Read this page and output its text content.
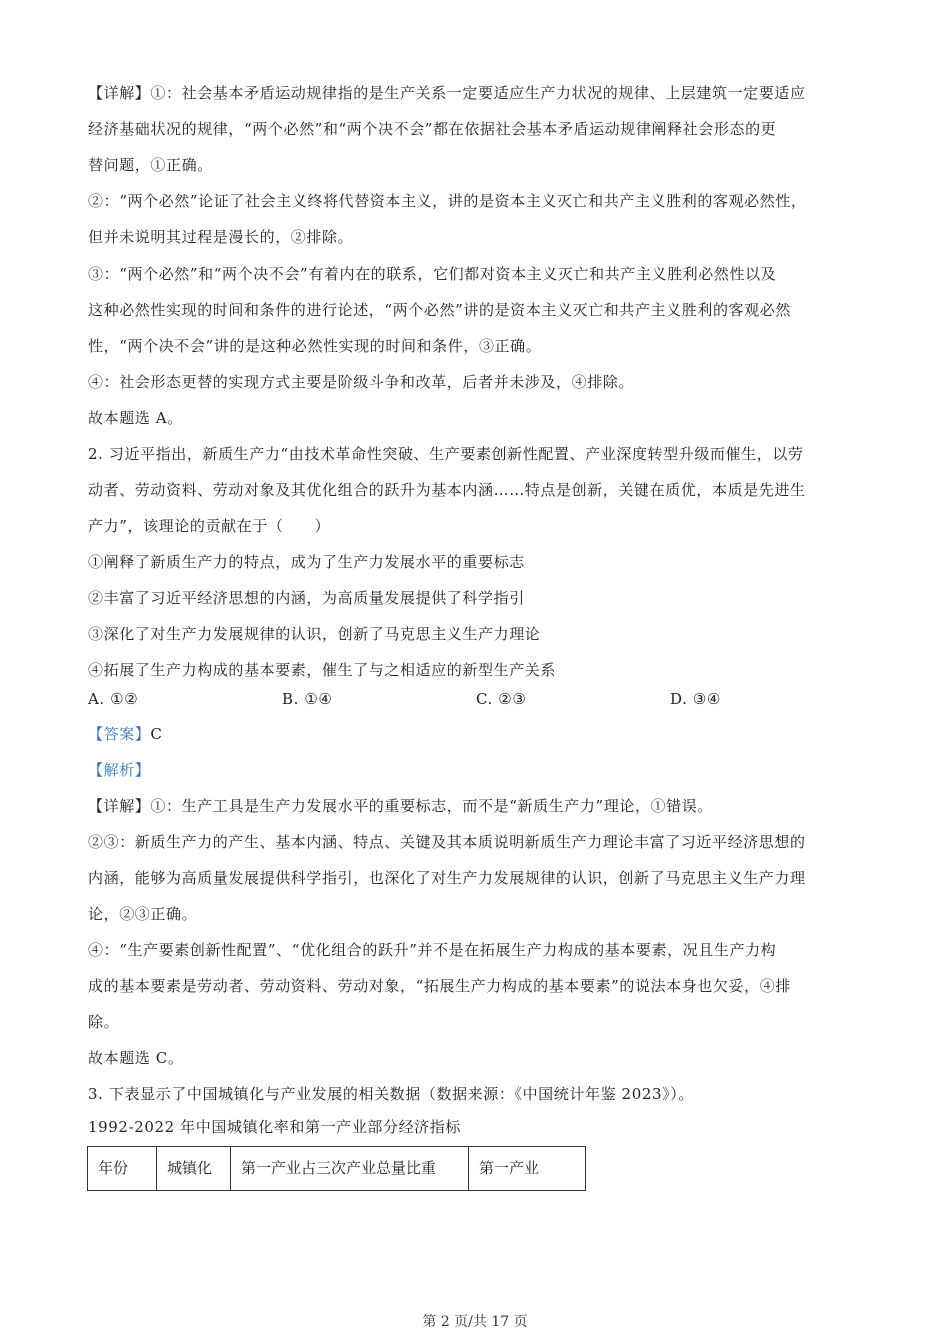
【详解】①：社会基本矛盾运动规律指的是生产关系一定要适应生产力状况的规律、上层建筑一定要适应
经济基础状况的规律，“两个必然”和“两个决不会”都在依据社会基本矛盾运动规律阐释社会形态的更
替问题，①正确。
②：“两个必然”论证了社会主义终将代替资本主义，讲的是资本主义灭亡和共产主义胜利的客观必然性，
但并未说明其过程是漫长的，②排除。
③：“两个必然”和“两个决不会”有着内在的联系，它们都对资本主义灭亡和共产主义胜利必然性以及
这种必然性实现的时间和条件的进行论述，“两个必然”讲的是资本主义灭亡和共产主义胜利的客观必然
性，“两个决不会”讲的是这种必然性实现的时间和条件，③正确。
④：社会形态更替的实现方式主要是阶级斗争和改革，后者并未涉及，④排除。
故本题选 A。
2. 习近平指出，新质生产力“由技术革命性突破、生产要素创新性配置、产业深度转型升级而催生，以劳
动者、劳动资料、劳动对象及其优化组合的跃升为基本内涵……特点是创新，关键在质优，本质是先进生
产力”，该理论的贡献在于（　　）
①阐释了新质生产力的特点，成为了生产力发展水平的重要标志
②丰富了习近平经济思想的内涵，为高质量发展提供了科学指引
③深化了对生产力发展规律的认识，创新了马克思主义生产力理论
④拓展了生产力构成的基本要素，催生了与之相适应的新型生产关系
A. ①②	B. ①④	C. ②③	D. ③④
【答案】C
【解析】
【详解】①：生产工具是生产力发展水平的重要标志，而不是“新质生产力”理论，①错误。
②③：新质生产力的产生、基本内涵、特点、关键及其本质说明新质生产力理论丰富了习近平经济思想的
内涵，能够为高质量发展提供科学指引，也深化了对生产力发展规律的认识，创新了马克思主义生产力理
论，②③正确。
④：“生产要素创新性配置”、“优化组合的跃升”并不是在拓展生产力构成的基本要素，况且生产力构
成的基本要素是劳动者、劳动资料、劳动对象，“拓展生产力构成的基本要素”的说法本身也欠妥，④排
除。
故本题选 C。
3. 下表显示了中国城镇化与产业发展的相关数据（数据来源：《中国统计年鉴 2023》）。
1992-2022 年中国城镇化率和第一产业部分经济指标
年份	城镇化	第一产业占三次产业总量比重	第一产业
第 2 页/共 17 页
